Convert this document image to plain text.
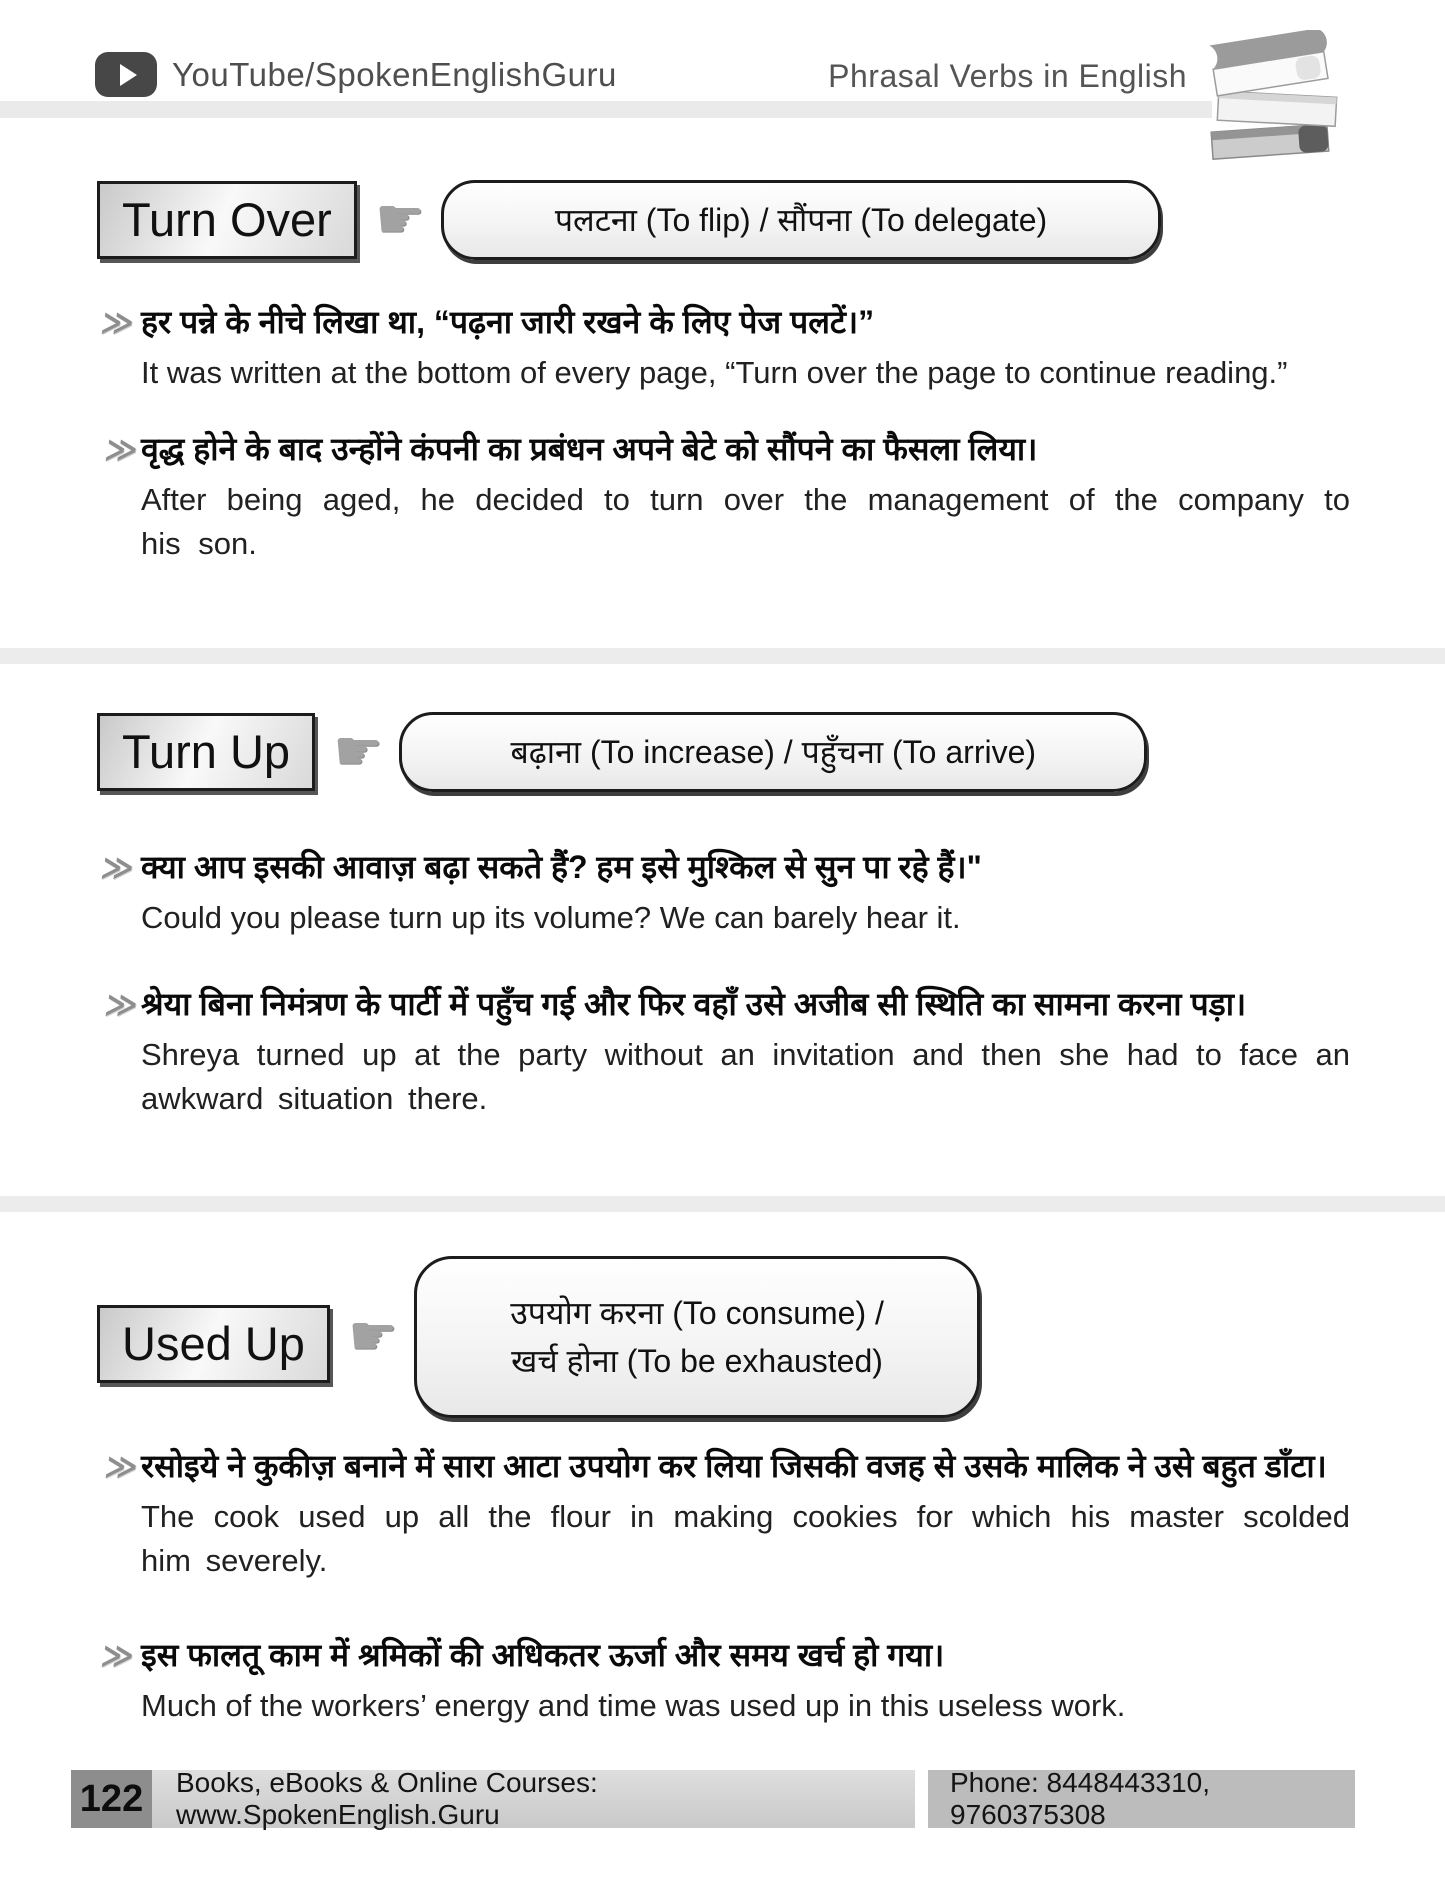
YouTube/SpokenEnglishGuru	Phrasal Verbs in English
Turn Over ☛	पलटना (To flip) / सौंपना (To delegate)
≫ हर पन्ने के नीचे लिखा था, “पढ़ना जारी रखने के लिए पेज पलटें।”
It was written at the bottom of every page, “Turn over the page to continue reading.”
≫ वृद्ध होने के बाद उन्होंने कंपनी का प्रबंधन अपने बेटे को सौंपने का फैसला लिया।
After being aged, he decided to turn over the management of the company to his son.
Turn Up ☛	बढ़ाना (To increase) / पहुँचना (To arrive)
≫ क्या आप इसकी आवाज़ बढ़ा सकते हैं? हम इसे मुश्किल से सुन पा रहे हैं।"
Could you please turn up its volume? We can barely hear it.
≫ श्रेया बिना निमंत्रण के पार्टी में पहुँच गई और फिर वहाँ उसे अजीब सी स्थिति का सामना करना पड़ा।
Shreya turned up at the party without an invitation and then she had to face an awkward situation there.
Used Up ☛	उपयोग करना (To consume) /
खर्च होना (To be exhausted)
≫ रसोइये ने कुकीज़ बनाने में सारा आटा उपयोग कर लिया जिसकी वजह से उसके मालिक ने उसे बहुत डाँटा।
The cook used up all the flour in making cookies for which his master scolded him severely.
≫ इस फालतू काम में श्रमिकों की अधिकतर ऊर्जा और समय खर्च हो गया।
Much of the workers’ energy and time was used up in this useless work.
122	Books, eBooks & Online Courses: www.SpokenEnglish.Guru
Phone: 8448443310, 9760375308
